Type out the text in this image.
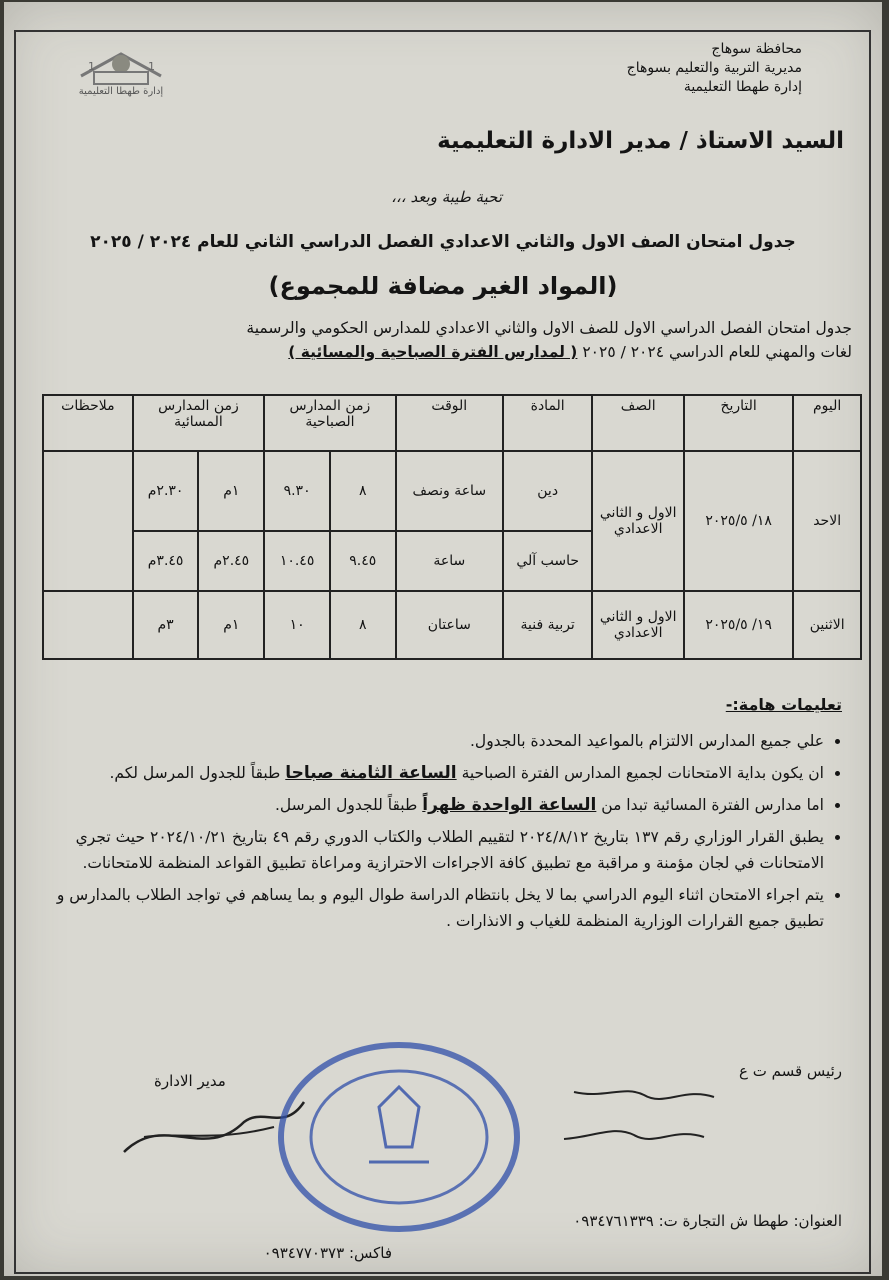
محافظة سوهاج
مديرية التربية والتعليم بسوهاج
إدارة طهطا التعليمية
1	1
إدارة طهطا التعليمية
السيد الاستاذ / مدير الادارة التعليمية
تحية طيبة وبعد ،،،
جدول امتحان الصف الاول والثاني الاعدادي الفصل الدراسي الثاني للعام ٢٠٢٤ / ٢٠٢٥
(المواد الغير مضافة للمجموع)
جدول امتحان الفصل الدراسي الاول للصف الاول والثاني الاعدادي للمدارس الحكومي والرسمية
لغات والمهني للعام الدراسي ٢٠٢٤ / ٢٠٢٥ ( لمدارس الفترة الصباحية والمسائية )
اليوم	التاريخ	الصف	المادة	الوقت	زمن المدارس الصباحية		زمن المدارس المسائية		ملاحظات
الاحد	١٨/ ٢٠٢٥/٥	الاول و الثاني الاعدادي	دين	ساعة ونصف	٨	٩.٣٠	١م	٢.٣٠م	
			حاسب آلي	ساعة	٩.٤٥	١٠.٤٥	٢.٤٥م	٣.٤٥م	
الاثنين	١٩/ ٢٠٢٥/٥	الاول و الثاني الاعدادي	تربية فنية	ساعتان	٨	١٠	١م	٣م	
تعليمات هامة:-
• علي جميع المدارس الالتزام بالمواعيد المحددة بالجدول.
• ان يكون بداية الامتحانات لجميع المدارس الفترة الصباحية الساعة الثامنة صباحا طبقاً للجدول المرسل لكم.
• اما مدارس الفترة المسائية تبدا من الساعة الواحدة ظهراً طبقاً للجدول المرسل.
• يطبق القرار الوزاري رقم ١٣٧ بتاريخ ٢٠٢٤/٨/١٢ لتقييم الطلاب والكتاب الدوري رقم ٤٩ بتاريخ ٢٠٢٤/١٠/٢١ حيث تجري الامتحانات في لجان مؤمنة و مراقبة مع تطبيق كافة الاجراءات الاحترازية ومراعاة تطبيق القواعد المنظمة للامتحانات.
• يتم اجراء الامتحان اثناء اليوم الدراسي بما لا يخل بانتظام الدراسة طوال اليوم و بما يساهم في تواجد الطلاب بالمدارس و تطبيق جميع القرارات الوزارية المنظمة للغياب و الانذارات .
رئيس قسم ت ع
مدير الادارة
العنوان: طهطا ش التجارة ت: ٠٩٣٤٧٦١٣٣٩
فاكس: ٠٩٣٤٧٧٠٣٧٣
